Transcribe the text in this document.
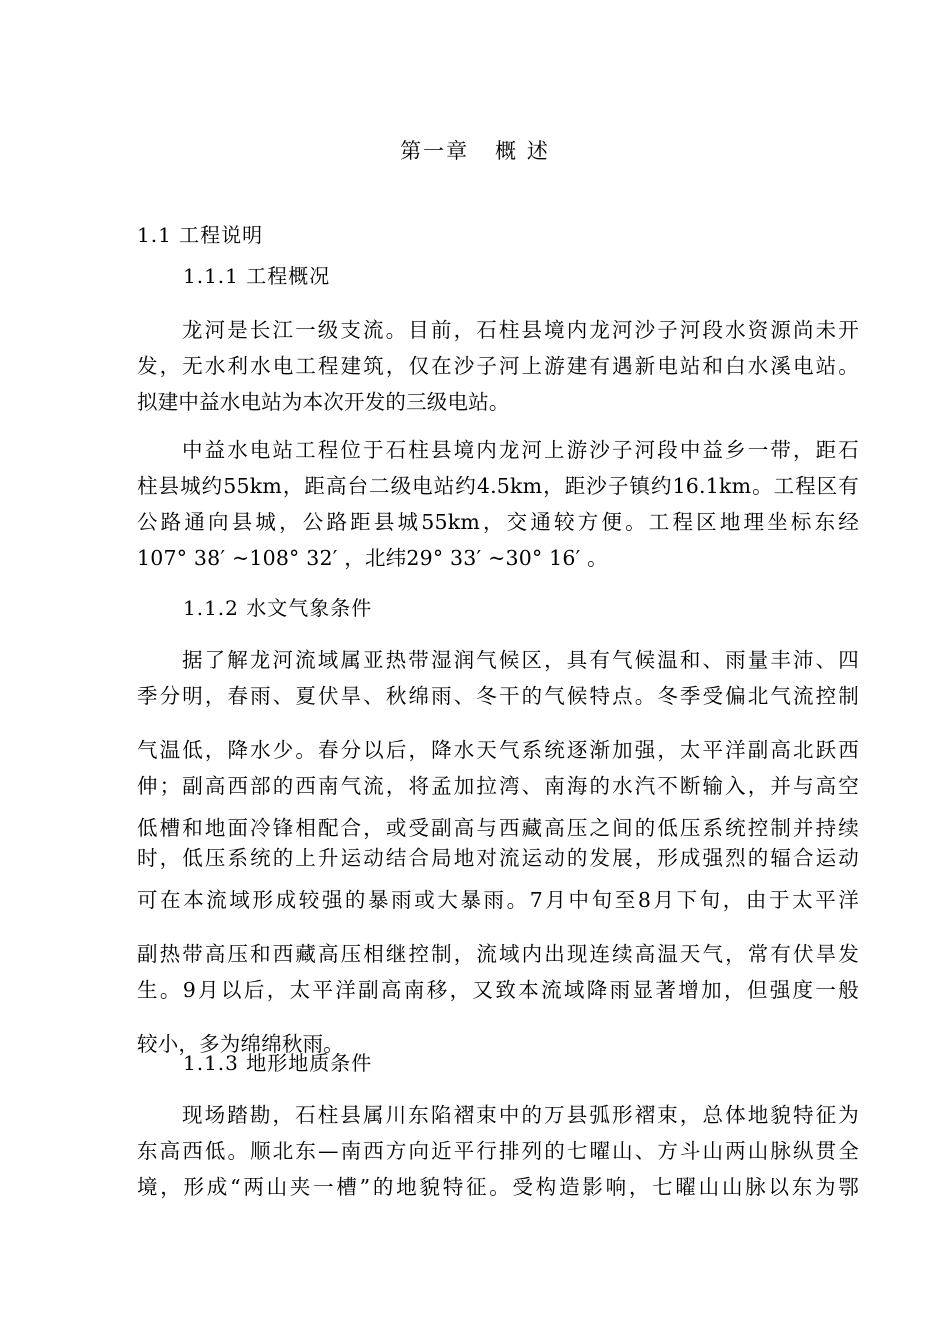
第一章 概 述
1.1 工程说明
1.1.1 工程概况
龙河是长江一级支流。目前，石柱县境内龙河沙子河段水资源尚未开
发，无水利水电工程建筑，仅在沙子河上游建有遇新电站和白水溪电站。
拟建中益水电站为本次开发的三级电站。
中益水电站工程位于石柱县境内龙河上游沙子河段中益乡一带，距石
柱县城约55km，距高台二级电站约4.5km，距沙子镇约16.1km。工程区有
公路通向县城，公路距县城55km，交通较方便。工程区地理坐标东经
107° 38′ ~108° 32′ ，北纬29° 33′ ~30° 16′ 。
1.1.2 水文气象条件
据了解龙河流域属亚热带湿润气候区，具有气候温和、雨量丰沛、四
季分明，春雨、夏伏旱、秋绵雨、冬干的气候特点。冬季受偏北气流控制
气温低，降水少。春分以后，降水天气系统逐渐加强，太平洋副高北跃西
伸；副高西部的西南气流，将孟加拉湾、南海的水汽不断输入，并与高空
低槽和地面冷锋相配合，或受副高与西藏高压之间的低压系统控制并持续
时，低压系统的上升运动结合局地对流运动的发展，形成强烈的辐合运动
可在本流域形成较强的暴雨或大暴雨。7月中旬至8月下旬，由于太平洋
副热带高压和西藏高压相继控制，流域内出现连续高温天气，常有伏旱发
生。9月以后，太平洋副高南移，又致本流域降雨显著增加，但强度一般
较小，多为绵绵秋雨。
1.1.3 地形地质条件
现场踏勘，石柱县属川东陷褶束中的万县弧形褶束，总体地貌特征为
东高西低。顺北东—南西方向近平行排列的七曜山、方斗山两山脉纵贯全
境，形成“两山夹一槽”的地貌特征。受构造影响，七曜山山脉以东为鄂
